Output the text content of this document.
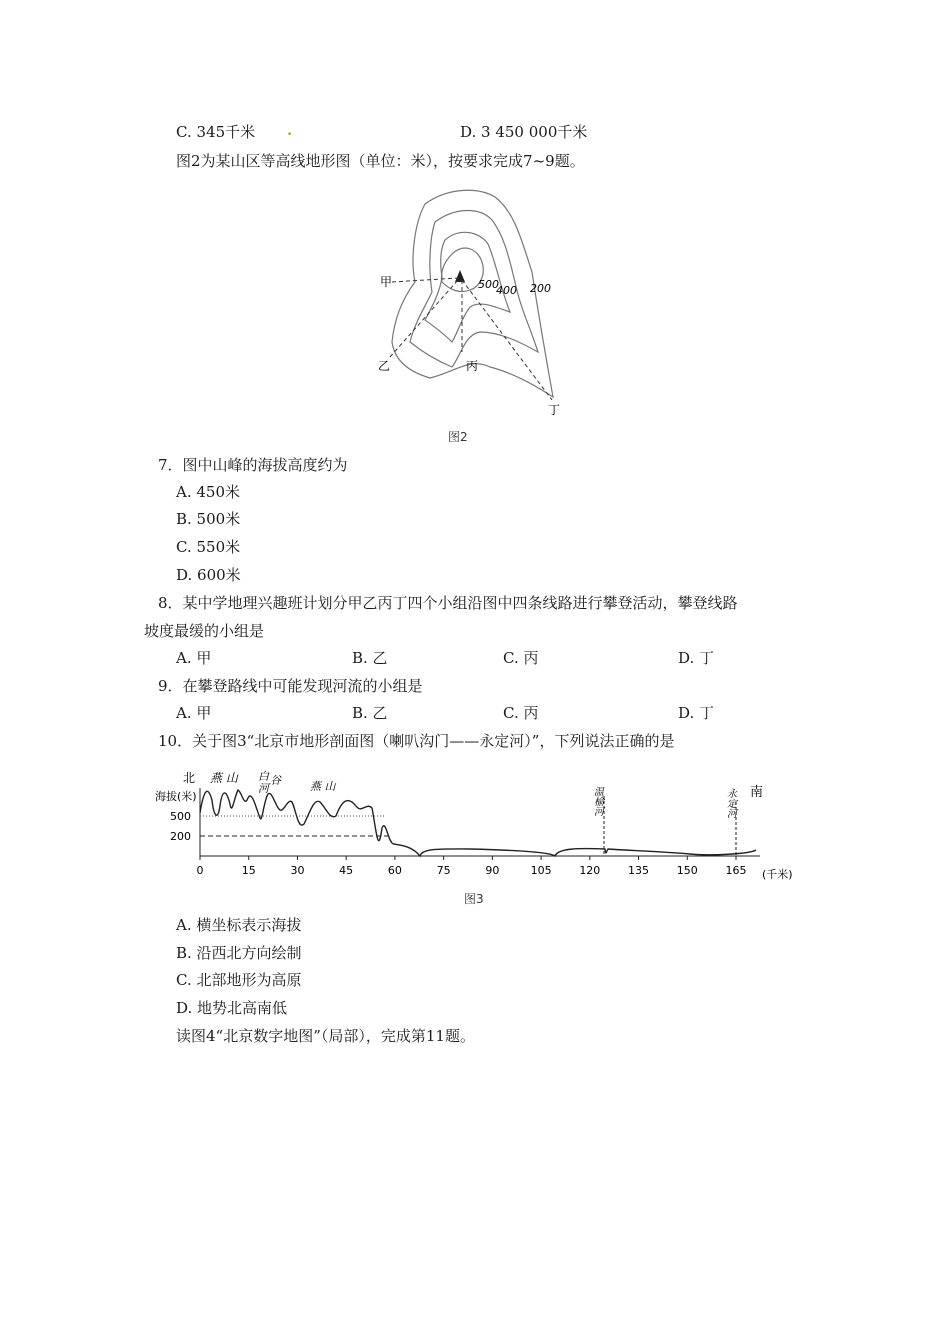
C. 345千米 .	D. 3 450 000千米
图2为某山区等高线地形图（单位：米），按要求完成7~9题。
甲
乙	丙
丁
500
400 200
图2
7．图中山峰的海拔高度约为
A. 450米
B. 500米
C. 550米
D. 600米
8．某中学地理兴趣班计划分甲乙丙丁四个小组沿图中四条线路进行攀登活动，攀登线路
坡度最缓的小组是
A. 甲	B. 乙	C. 丙	D. 丁
9．在攀登路线中可能发现河流的小组是
A. 甲	B. 乙	C. 丙	D. 丁
10．关于图3“北京市地形剖面图（喇叭沟门——永定河）”，下列说法正确的是
北
南
海拔(米)
500
200
燕 山 白河
谷	燕 山	温榆河	永定河
0	15	30	45	60	75	90	105	120	135	150	165 (千米)
图3
A. 横坐标表示海拔
B. 沿西北方向绘制
C. 北部地形为高原
D. 地势北高南低
读图4“北京数字地图”（局部），完成第11题。
